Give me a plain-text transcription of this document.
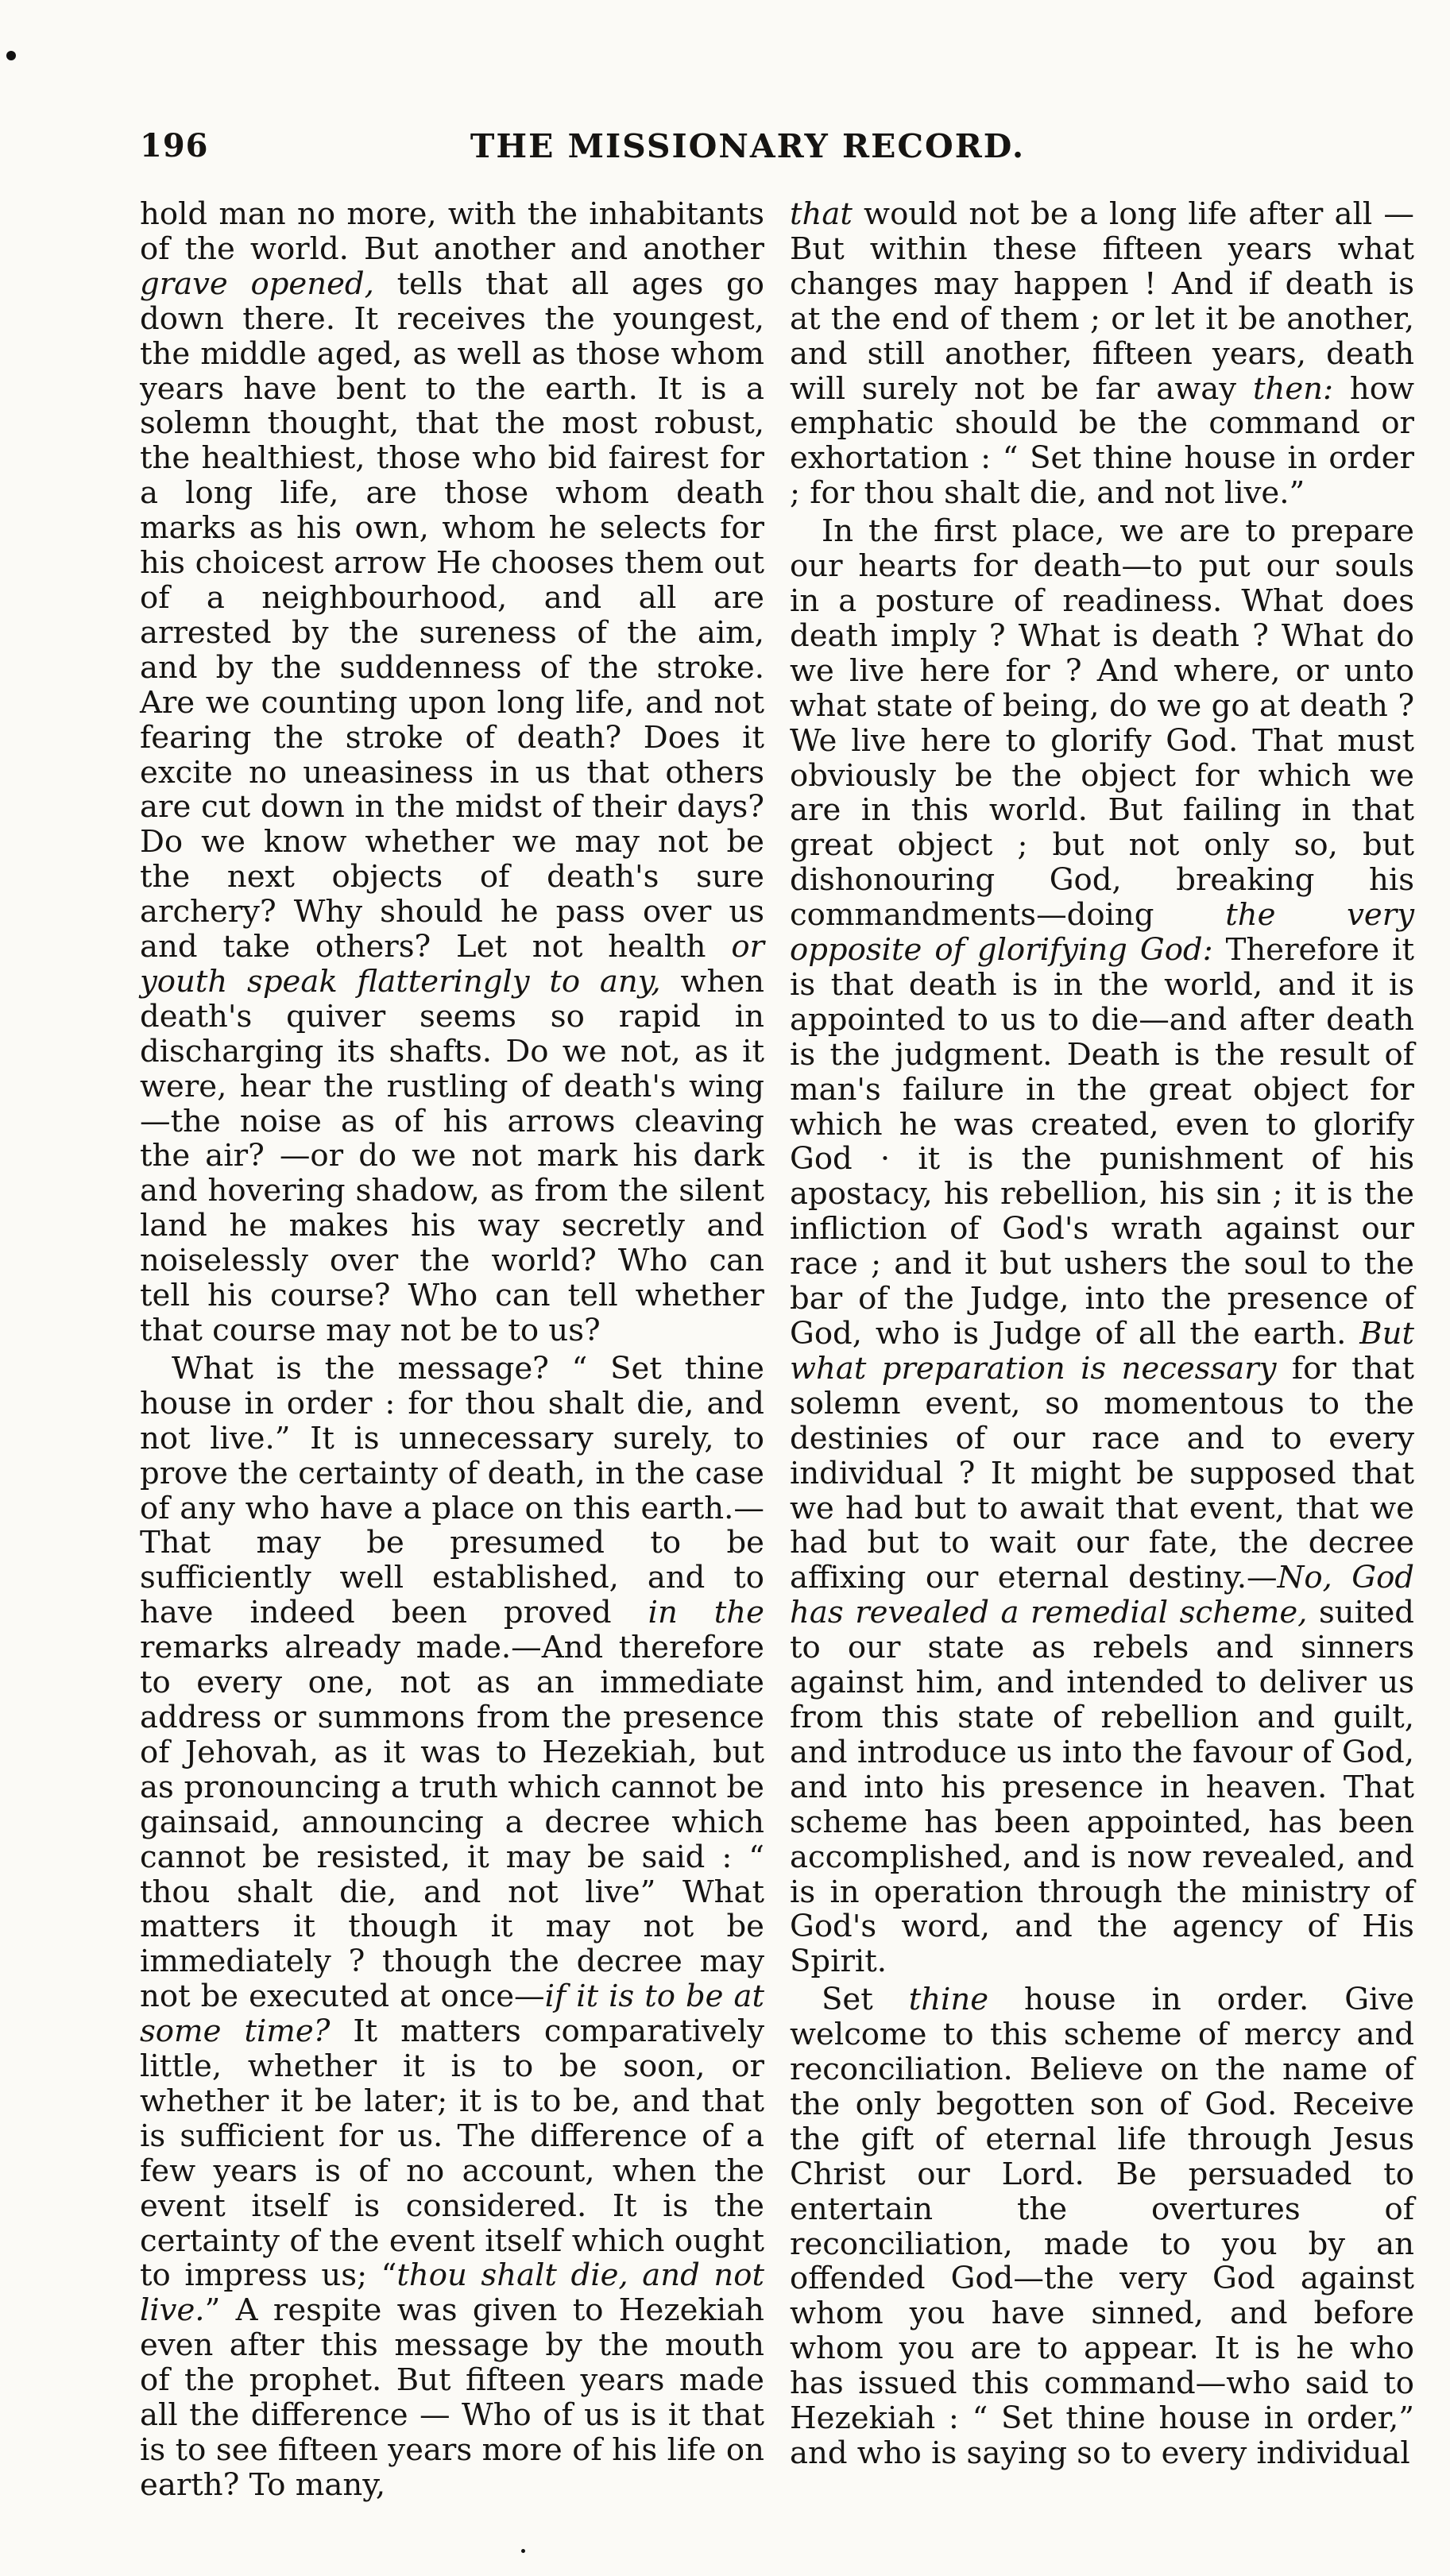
196	THE MISSIONARY RECORD.

hold man no more, with the inhabitants of the world. But another and another grave opened, tells that all ages go down there. It receives the youngest, the middle aged, as well as those whom years have bent to the earth. It is a solemn thought, that the most robust, the healthiest, those who bid fairest for a long life, are those whom death marks as his own, whom he selects for his choicest arrow He chooses them out of a neighbourhood, and all are arrested by the sureness of the aim, and by the suddenness of the stroke. Are we counting upon long life, and not fearing the stroke of death? Does it excite no uneasiness in us that others are cut down in the midst of their days? Do we know whether we may not be the next objects of death's sure archery? Why should he pass over us and take others? Let not health or youth speak flatteringly to any, when death's quiver seems so rapid in discharging its shafts. Do we not, as it were, hear the rustling of death's wing—the noise as of his arrows cleaving the air? —or do we not mark his dark and hovering shadow, as from the silent land he makes his way secretly and noiselessly over the world? Who can tell his course? Who can tell whether that course may not be to us?

What is the message? “ Set thine house in order : for thou shalt die, and not live.” It is unnecessary surely, to prove the certainty of death, in the case of any who have a place on this earth.—That may be presumed to be sufficiently well established, and to have indeed been proved in the remarks already made.—And therefore to every one, not as an immediate address or summons from the presence of Jehovah, as it was to Hezekiah, but as pronouncing a truth which cannot be gainsaid, announcing a decree which cannot be resisted, it may be said : “ thou shalt die, and not live” What matters it though it may not be immediately ? though the decree may not be executed at once—if it is to be at some time? It matters comparatively little, whether it is to be soon, or whether it be later; it is to be, and that is sufficient for us. The difference of a few years is of no account, when the event itself is considered. It is the certainty of the event itself which ought to impress us; “thou shalt die, and not live.” A respite was given to Hezekiah even after this message by the mouth of the prophet. But fifteen years made all the difference — Who of us is it that is to see fifteen years more of his life on earth? To many,

that would not be a long life after all — But within these fifteen years what changes may happen ! And if death is at the end of them ; or let it be another, and still another, fifteen years, death will surely not be far away then: how emphatic should be the command or exhortation : “ Set thine house in order ; for thou shalt die, and not live.”

In the first place, we are to prepare our hearts for death—to put our souls in a posture of readiness. What does death imply ? What is death ? What do we live here for ? And where, or unto what state of being, do we go at death ? We live here to glorify God. That must obviously be the object for which we are in this world. But failing in that great object ; but not only so, but dishonouring God, breaking his commandments—doing the very opposite of glorifying God: Therefore it is that death is in the world, and it is appointed to us to die—and after death is the judgment. Death is the result of man's failure in the great object for which he was created, even to glorify God · it is the punishment of his apostacy, his rebellion, his sin ; it is the infliction of God's wrath against our race ; and it but ushers the soul to the bar of the Judge, into the presence of God, who is Judge of all the earth. But what preparation is necessary for that solemn event, so momentous to the destinies of our race and to every individual ? It might be supposed that we had but to await that event, that we had but to wait our fate, the decree affixing our eternal destiny.—No, God has revealed a remedial scheme, suited to our state as rebels and sinners against him, and intended to deliver us from this state of rebellion and guilt, and introduce us into the favour of God, and into his presence in heaven. That scheme has been appointed, has been accomplished, and is now revealed, and is in operation through the ministry of God's word, and the agency of His Spirit.

Set thine house in order. Give welcome to this scheme of mercy and reconciliation. Believe on the name of the only begotten son of God. Receive the gift of eternal life through Jesus Christ our Lord. Be persuaded to entertain the overtures of reconciliation, made to you by an offended God—the very God against whom you have sinned, and before whom you are to appear. It is he who has issued this command—who said to Hezekiah : “ Set thine house in order,” and who is saying so to every individual
